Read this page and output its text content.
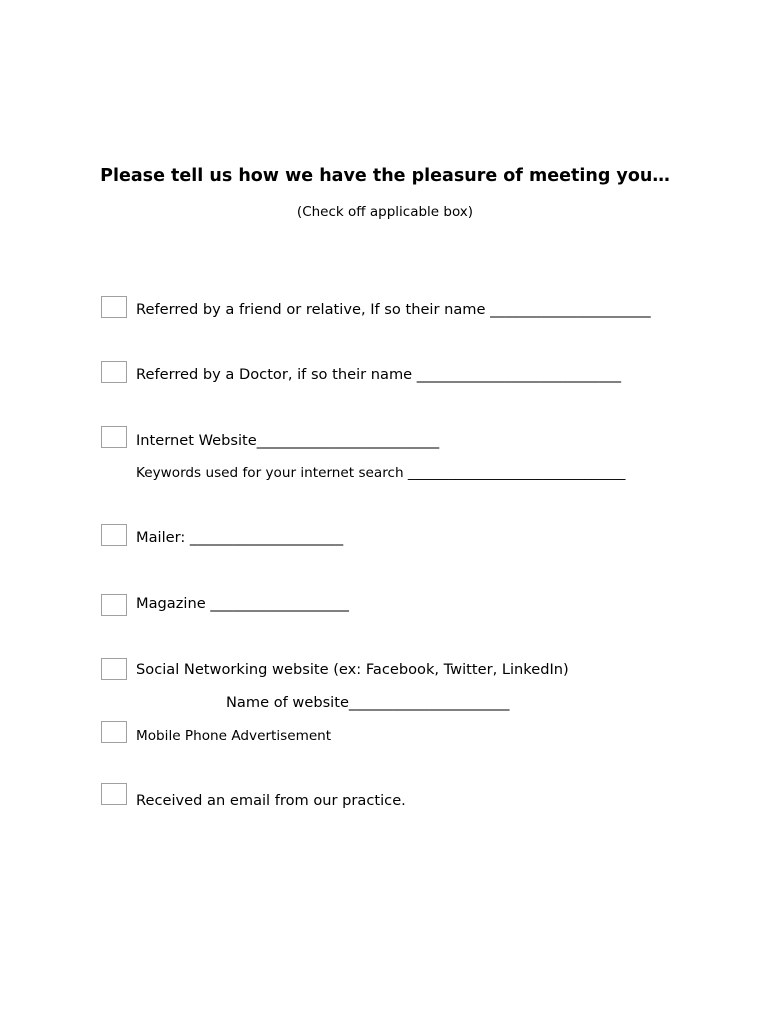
Please tell us how we have the pleasure of meeting you…
(Check off applicable box)
Referred by a friend or relative, If so their name ______________________
Referred by a Doctor, if so their name ____________________________
Internet Website_________________________
Keywords used for your internet search ________________________________
Mailer: _____________________
Magazine ___________________
Social Networking website (ex: Facebook, Twitter, LinkedIn)
Name of website______________________
Mobile Phone Advertisement
Received an email from our practice.
